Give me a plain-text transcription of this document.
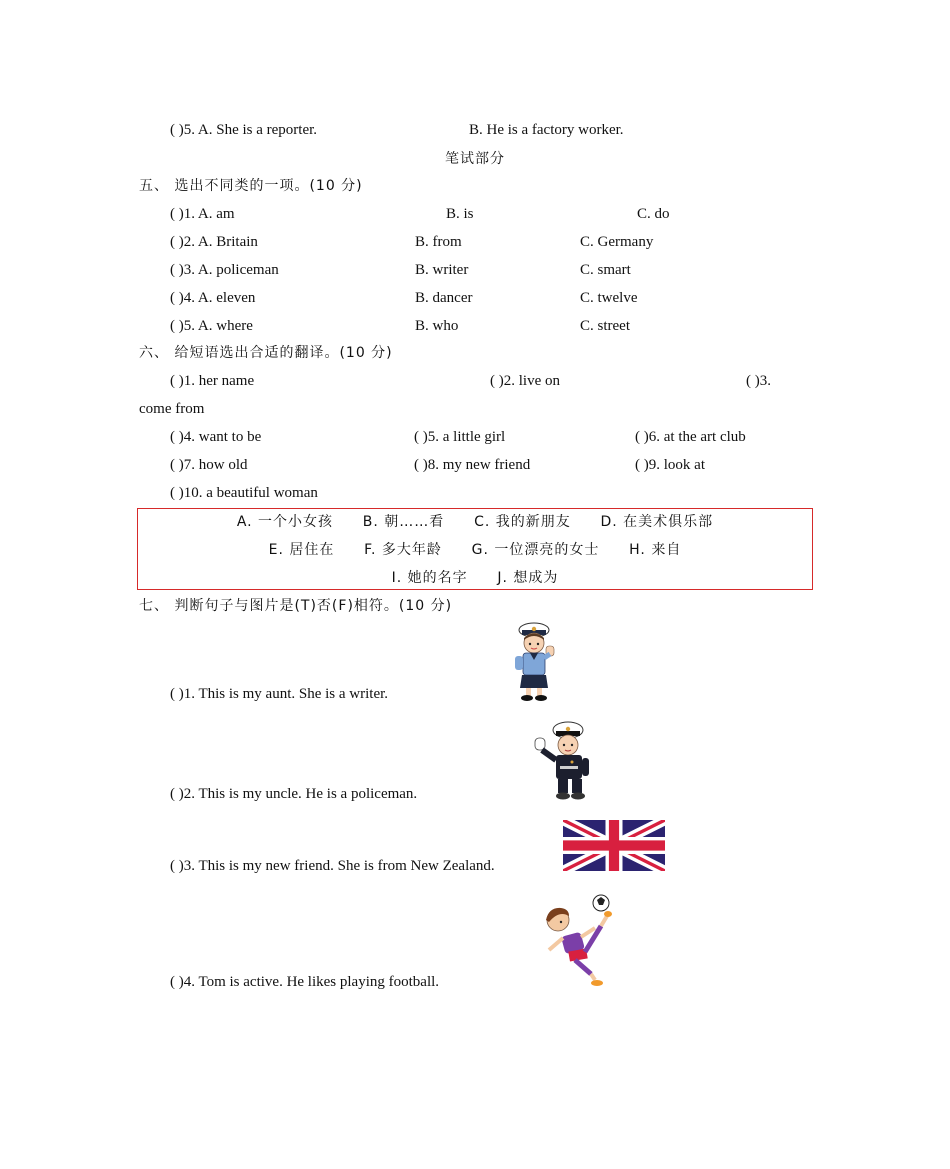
( )5. A. She is a reporter.	B. He is a factory worker.
笔试部分
五、 选出不同类的一项。(10 分)
( )1. A. am	B. is	C. do
( )2. A. Britain	B. from	C. Germany
( )3. A. policeman	B. writer	C. smart
( )4. A. eleven	B. dancer	C. twelve
( )5. A. where	B. who	C. street
六、 给短语选出合适的翻译。(10 分)
( )1. her name	( )2. live on	( )3.
come from
( )4. want to be	( )5. a little girl	( )6. at the art club
( )7. how old	( )8. my new friend	( )9. look at
( )10. a beautiful woman
A. 一个小女孩 B. 朝……看 C. 我的新朋友 D. 在美术俱乐部
E. 居住在 F. 多大年龄 G. 一位漂亮的女士 H. 来自
I. 她的名字 J. 想成为
七、 判断句子与图片是(T)否(F)相符。(10 分)
( )1. This is my aunt. She is a writer.
( )2. This is my uncle. He is a policeman.
( )3. This is my new friend. She is from New Zealand.
( )4. Tom is active. He likes playing football.
